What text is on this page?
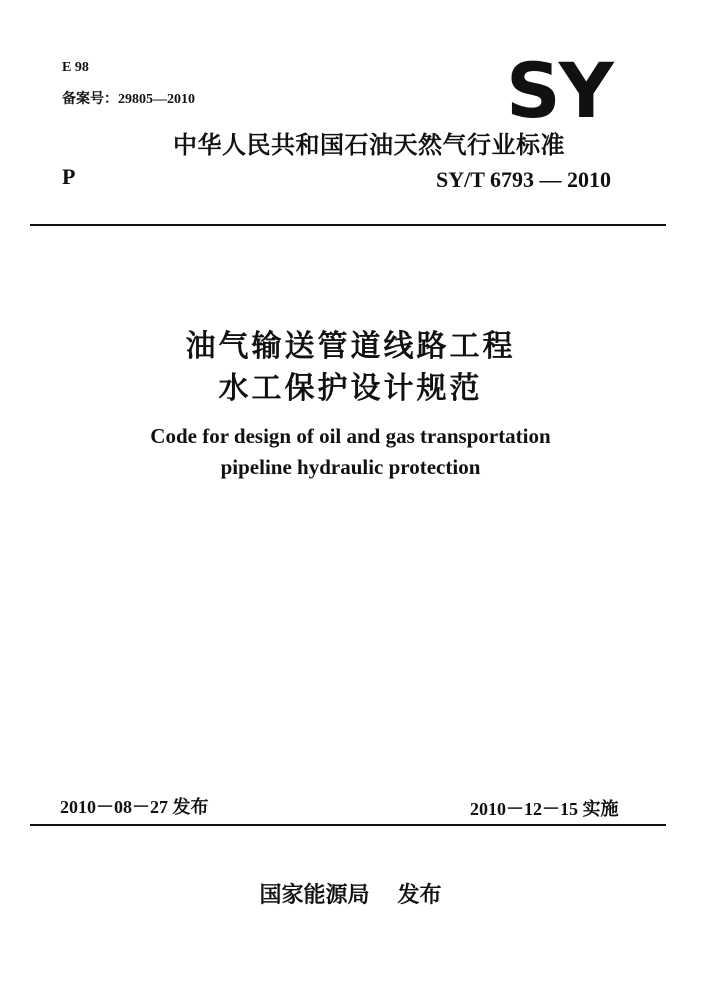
E 98
备案号：29805—2010
中华人民共和国石油天然气行业标准
SY
P	SY/T 6793 — 2010
油气输送管道线路工程
水工保护设计规范
Code for design of oil and gas transportation
pipeline hydraulic protection
2010－08－27 发布	2010－12－15 实施
国家能源局 发布
